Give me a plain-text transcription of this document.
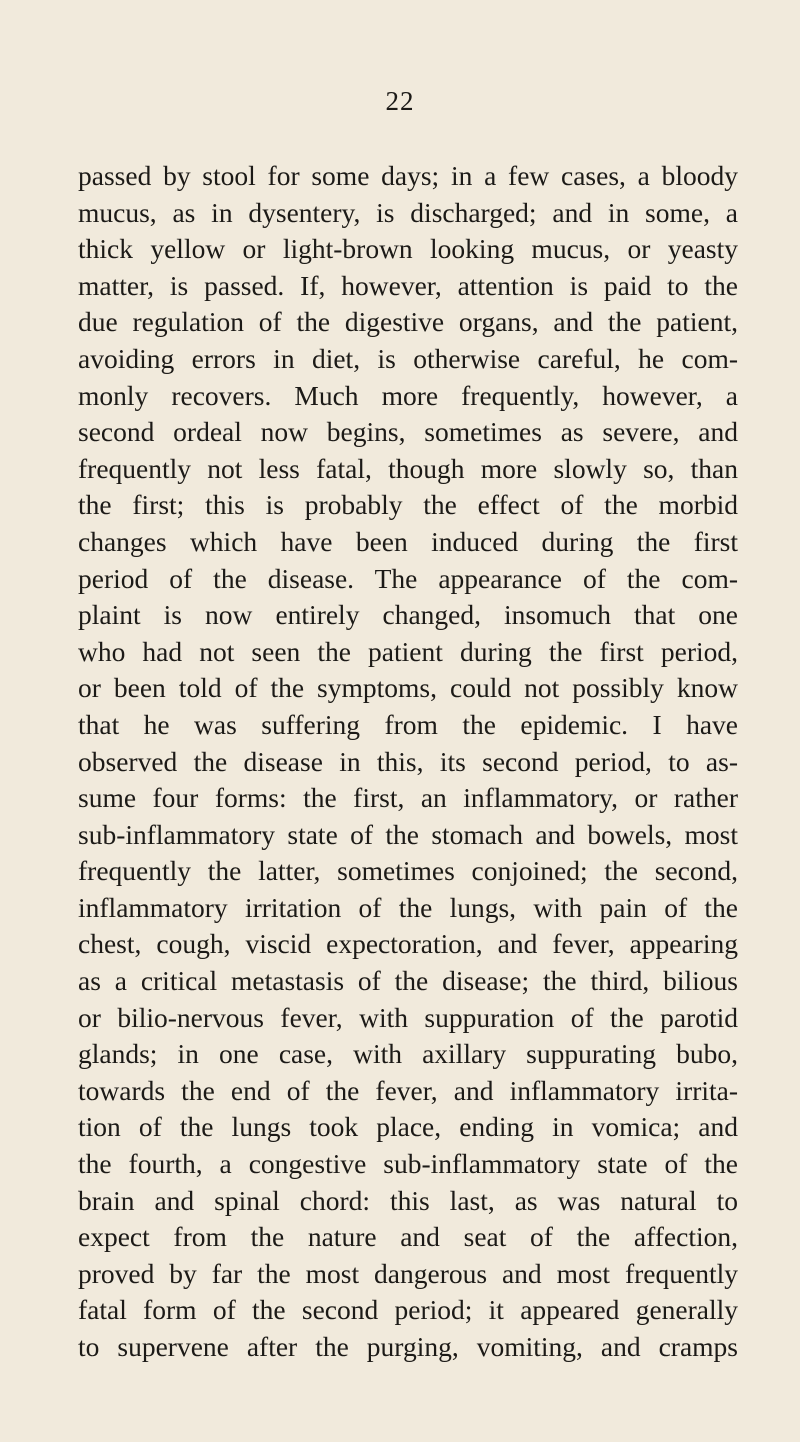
22
passed by stool for some days; in a few cases, a bloody
mucus, as in dysentery, is discharged; and in some, a
thick yellow or light-brown looking mucus, or yeasty
matter, is passed. If, however, attention is paid to the
due regulation of the digestive organs, and the patient,
avoiding errors in diet, is otherwise careful, he com-
monly recovers. Much more frequently, however, a
second ordeal now begins, sometimes as severe, and
frequently not less fatal, though more slowly so, than
the first; this is probably the effect of the morbid
changes which have been induced during the first
period of the disease. The appearance of the com-
plaint is now entirely changed, insomuch that one
who had not seen the patient during the first period,
or been told of the symptoms, could not possibly know
that he was suffering from the epidemic. I have
observed the disease in this, its second period, to as-
sume four forms: the first, an inflammatory, or rather
sub-inflammatory state of the stomach and bowels, most
frequently the latter, sometimes conjoined; the second,
inflammatory irritation of the lungs, with pain of the
chest, cough, viscid expectoration, and fever, appearing
as a critical metastasis of the disease; the third, bilious
or bilio-nervous fever, with suppuration of the parotid
glands; in one case, with axillary suppurating bubo,
towards the end of the fever, and inflammatory irrita-
tion of the lungs took place, ending in vomica; and
the fourth, a congestive sub-inflammatory state of the
brain and spinal chord: this last, as was natural to
expect from the nature and seat of the affection,
proved by far the most dangerous and most frequently
fatal form of the second period; it appeared generally
to supervene after the purging, vomiting, and cramps
